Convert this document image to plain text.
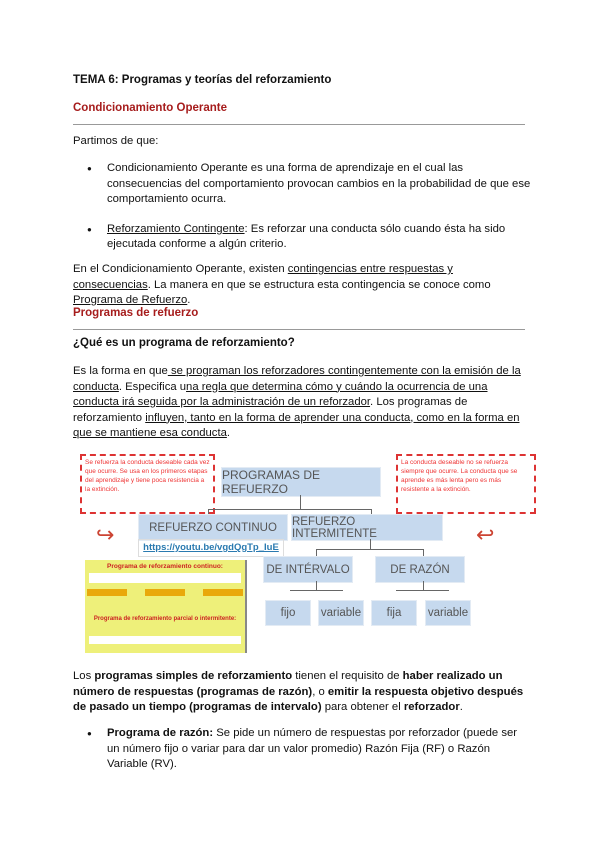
TEMA 6: Programas y teorías del reforzamiento
Condicionamiento Operante
Partimos de que:
● Condicionamiento Operante es una forma de aprendizaje en el cual las consecuencias del comportamiento provocan cambios en la probabilidad de que ese comportamiento ocurra.
● Reforzamiento Contingente: Es reforzar una conducta sólo cuando ésta ha sido ejecutada conforme a algún criterio.
En el Condicionamiento Operante, existen contingencias entre respuestas y consecuencias. La manera en que se estructura esta contingencia se conoce como Programa de Refuerzo.
Programas de refuerzo
¿Qué es un programa de reforzamiento?
Es la forma en que se programan los reforzadores contingentemente con la emisión de la conducta. Especifica una regla que determina cómo y cuándo la ocurrencia de una conducta irá seguida por la administración de un reforzador. Los programas de reforzamiento influyen, tanto en la forma de aprender una conducta, como en la forma en que se mantiene esa conducta.
Se refuerza la conducta deseable cada vez que ocurre. Se usa en los primeros etapas del aprendizaje y tiene poca resistencia a la extinción.
La conducta deseable no se refuerza siempre que ocurre. La conducta que se aprende es más lenta pero es más resistente a la extinción.
PROGRAMAS DE REFUERZO
REFUERZO CONTINUO	REFUERZO INTERMITENTE
https://youtu.be/vgdQgTp_IuE
↪	↩
DE INTÉRVALO	DE RAZÓN
fijo	variable	fija	variable
Programa de reforzamiento continuo:
Programa de reforzamiento parcial o intermitente:
Los programas simples de reforzamiento tienen el requisito de haber realizado un número de respuestas (programas de razón), o emitir la respuesta objetivo después de pasado un tiempo (programas de intervalo) para obtener el reforzador.
● Programa de razón: Se pide un número de respuestas por reforzador (puede ser un número fijo o variar para dar un valor promedio) Razón Fija (RF) o Razón Variable (RV).
